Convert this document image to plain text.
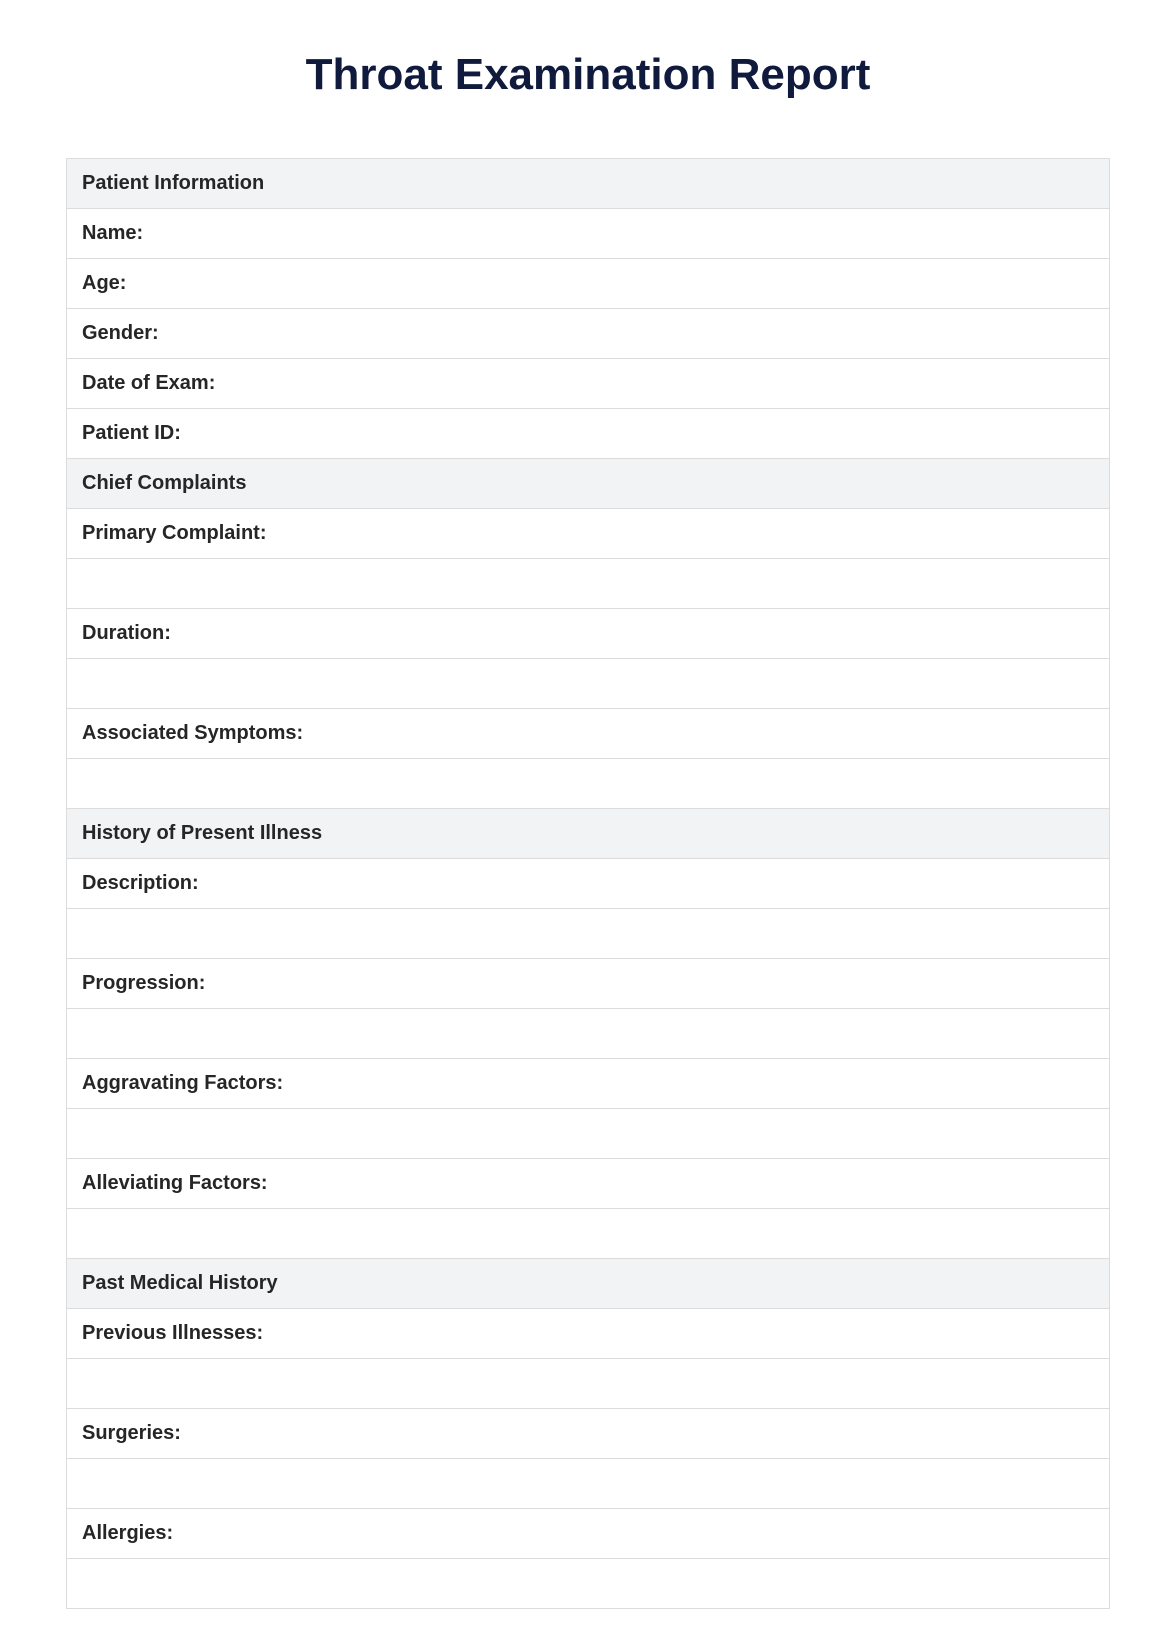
Throat Examination Report
Patient Information
Name:
Age:
Gender:
Date of Exam:
Patient ID:
Chief Complaints
Primary Complaint:
Duration:
Associated Symptoms:
History of Present Illness
Description:
Progression:
Aggravating Factors:
Alleviating Factors:
Past Medical History
Previous Illnesses:
Surgeries:
Allergies:
